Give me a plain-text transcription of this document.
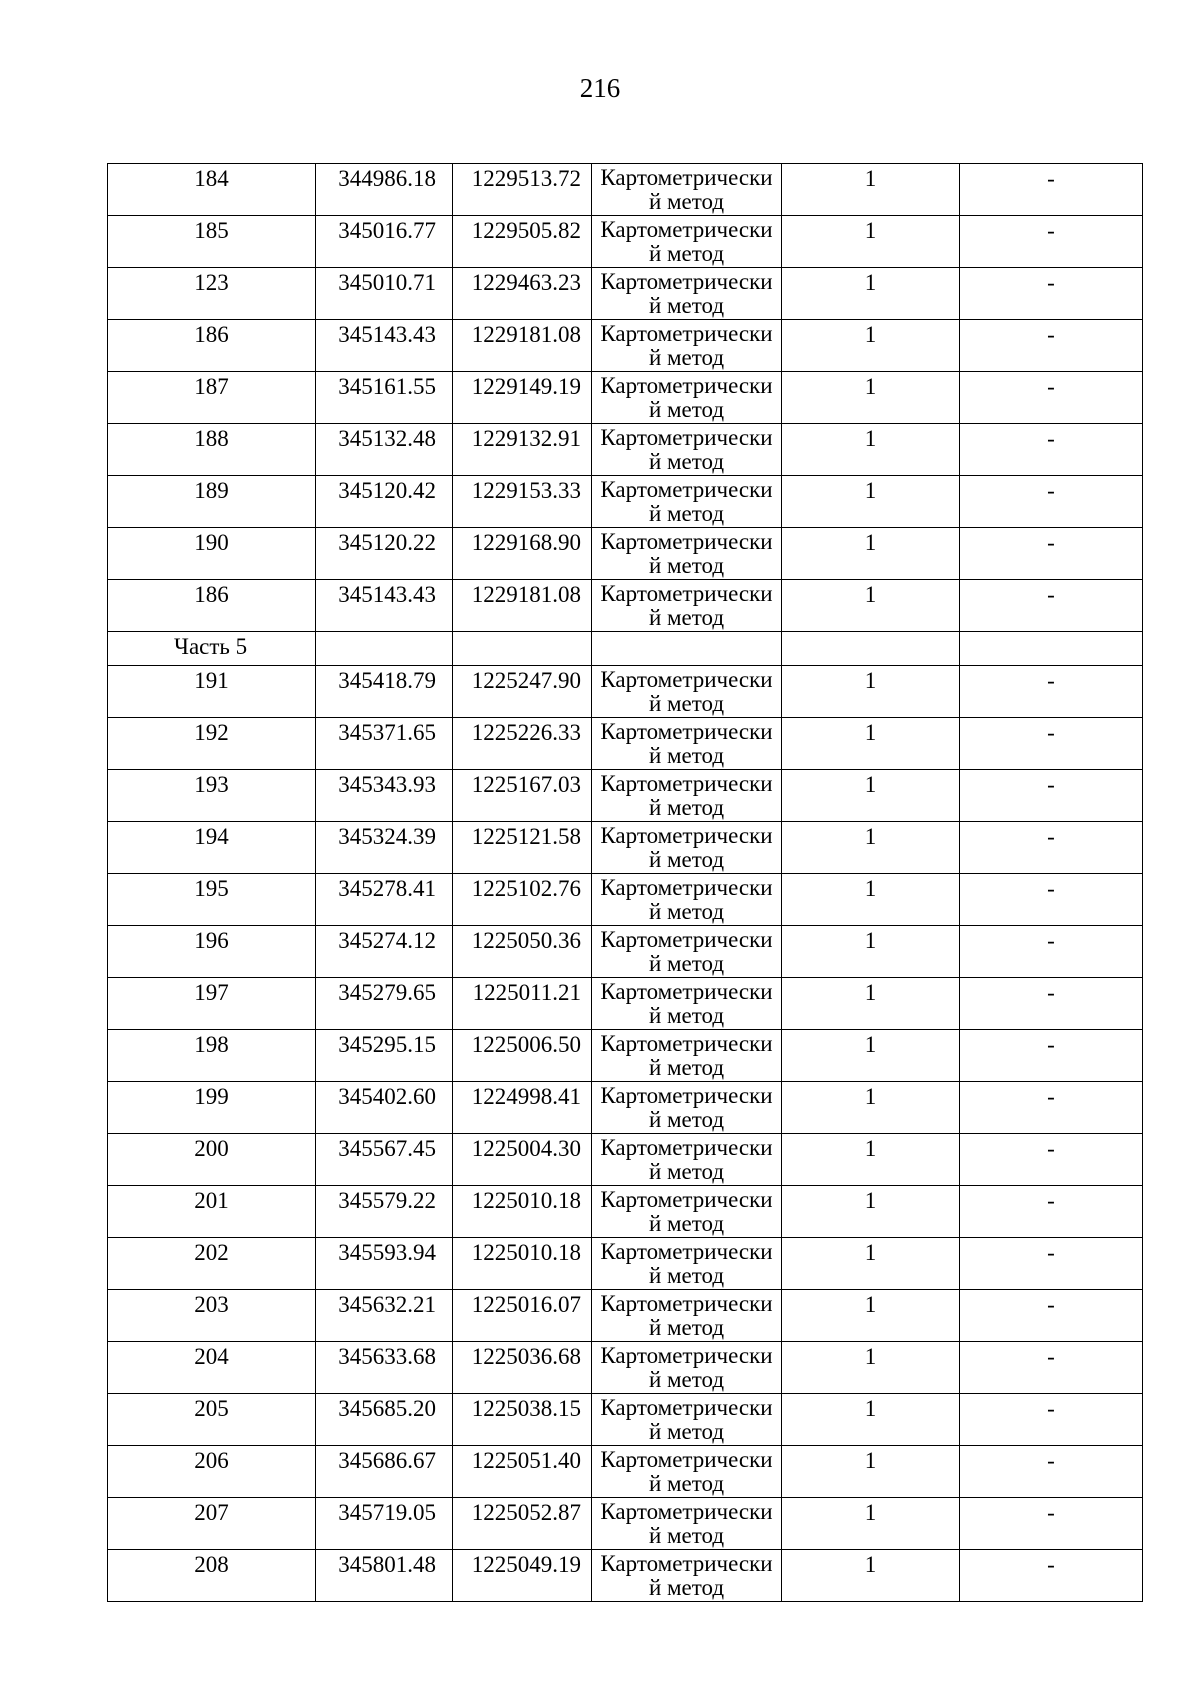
216
184	344986.18	1229513.72	Картометрически й метод	1	-
185	345016.77	1229505.82	Картометрически й метод	1	-
123	345010.71	1229463.23	Картометрически й метод	1	-
186	345143.43	1229181.08	Картометрически й метод	1	-
187	345161.55	1229149.19	Картометрически й метод	1	-
188	345132.48	1229132.91	Картометрически й метод	1	-
189	345120.42	1229153.33	Картометрически й метод	1	-
190	345120.22	1229168.90	Картометрически й метод	1	-
186	345143.43	1229181.08	Картометрически й метод	1	-
Часть 5					
191	345418.79	1225247.90	Картометрически й метод	1	-
192	345371.65	1225226.33	Картометрически й метод	1	-
193	345343.93	1225167.03	Картометрически й метод	1	-
194	345324.39	1225121.58	Картометрически й метод	1	-
195	345278.41	1225102.76	Картометрически й метод	1	-
196	345274.12	1225050.36	Картометрически й метод	1	-
197	345279.65	1225011.21	Картометрически й метод	1	-
198	345295.15	1225006.50	Картометрически й метод	1	-
199	345402.60	1224998.41	Картометрически й метод	1	-
200	345567.45	1225004.30	Картометрически й метод	1	-
201	345579.22	1225010.18	Картометрически й метод	1	-
202	345593.94	1225010.18	Картометрически й метод	1	-
203	345632.21	1225016.07	Картометрически й метод	1	-
204	345633.68	1225036.68	Картометрически й метод	1	-
205	345685.20	1225038.15	Картометрически й метод	1	-
206	345686.67	1225051.40	Картометрически й метод	1	-
207	345719.05	1225052.87	Картометрически й метод	1	-
208	345801.48	1225049.19	Картометрически й метод	1	-
